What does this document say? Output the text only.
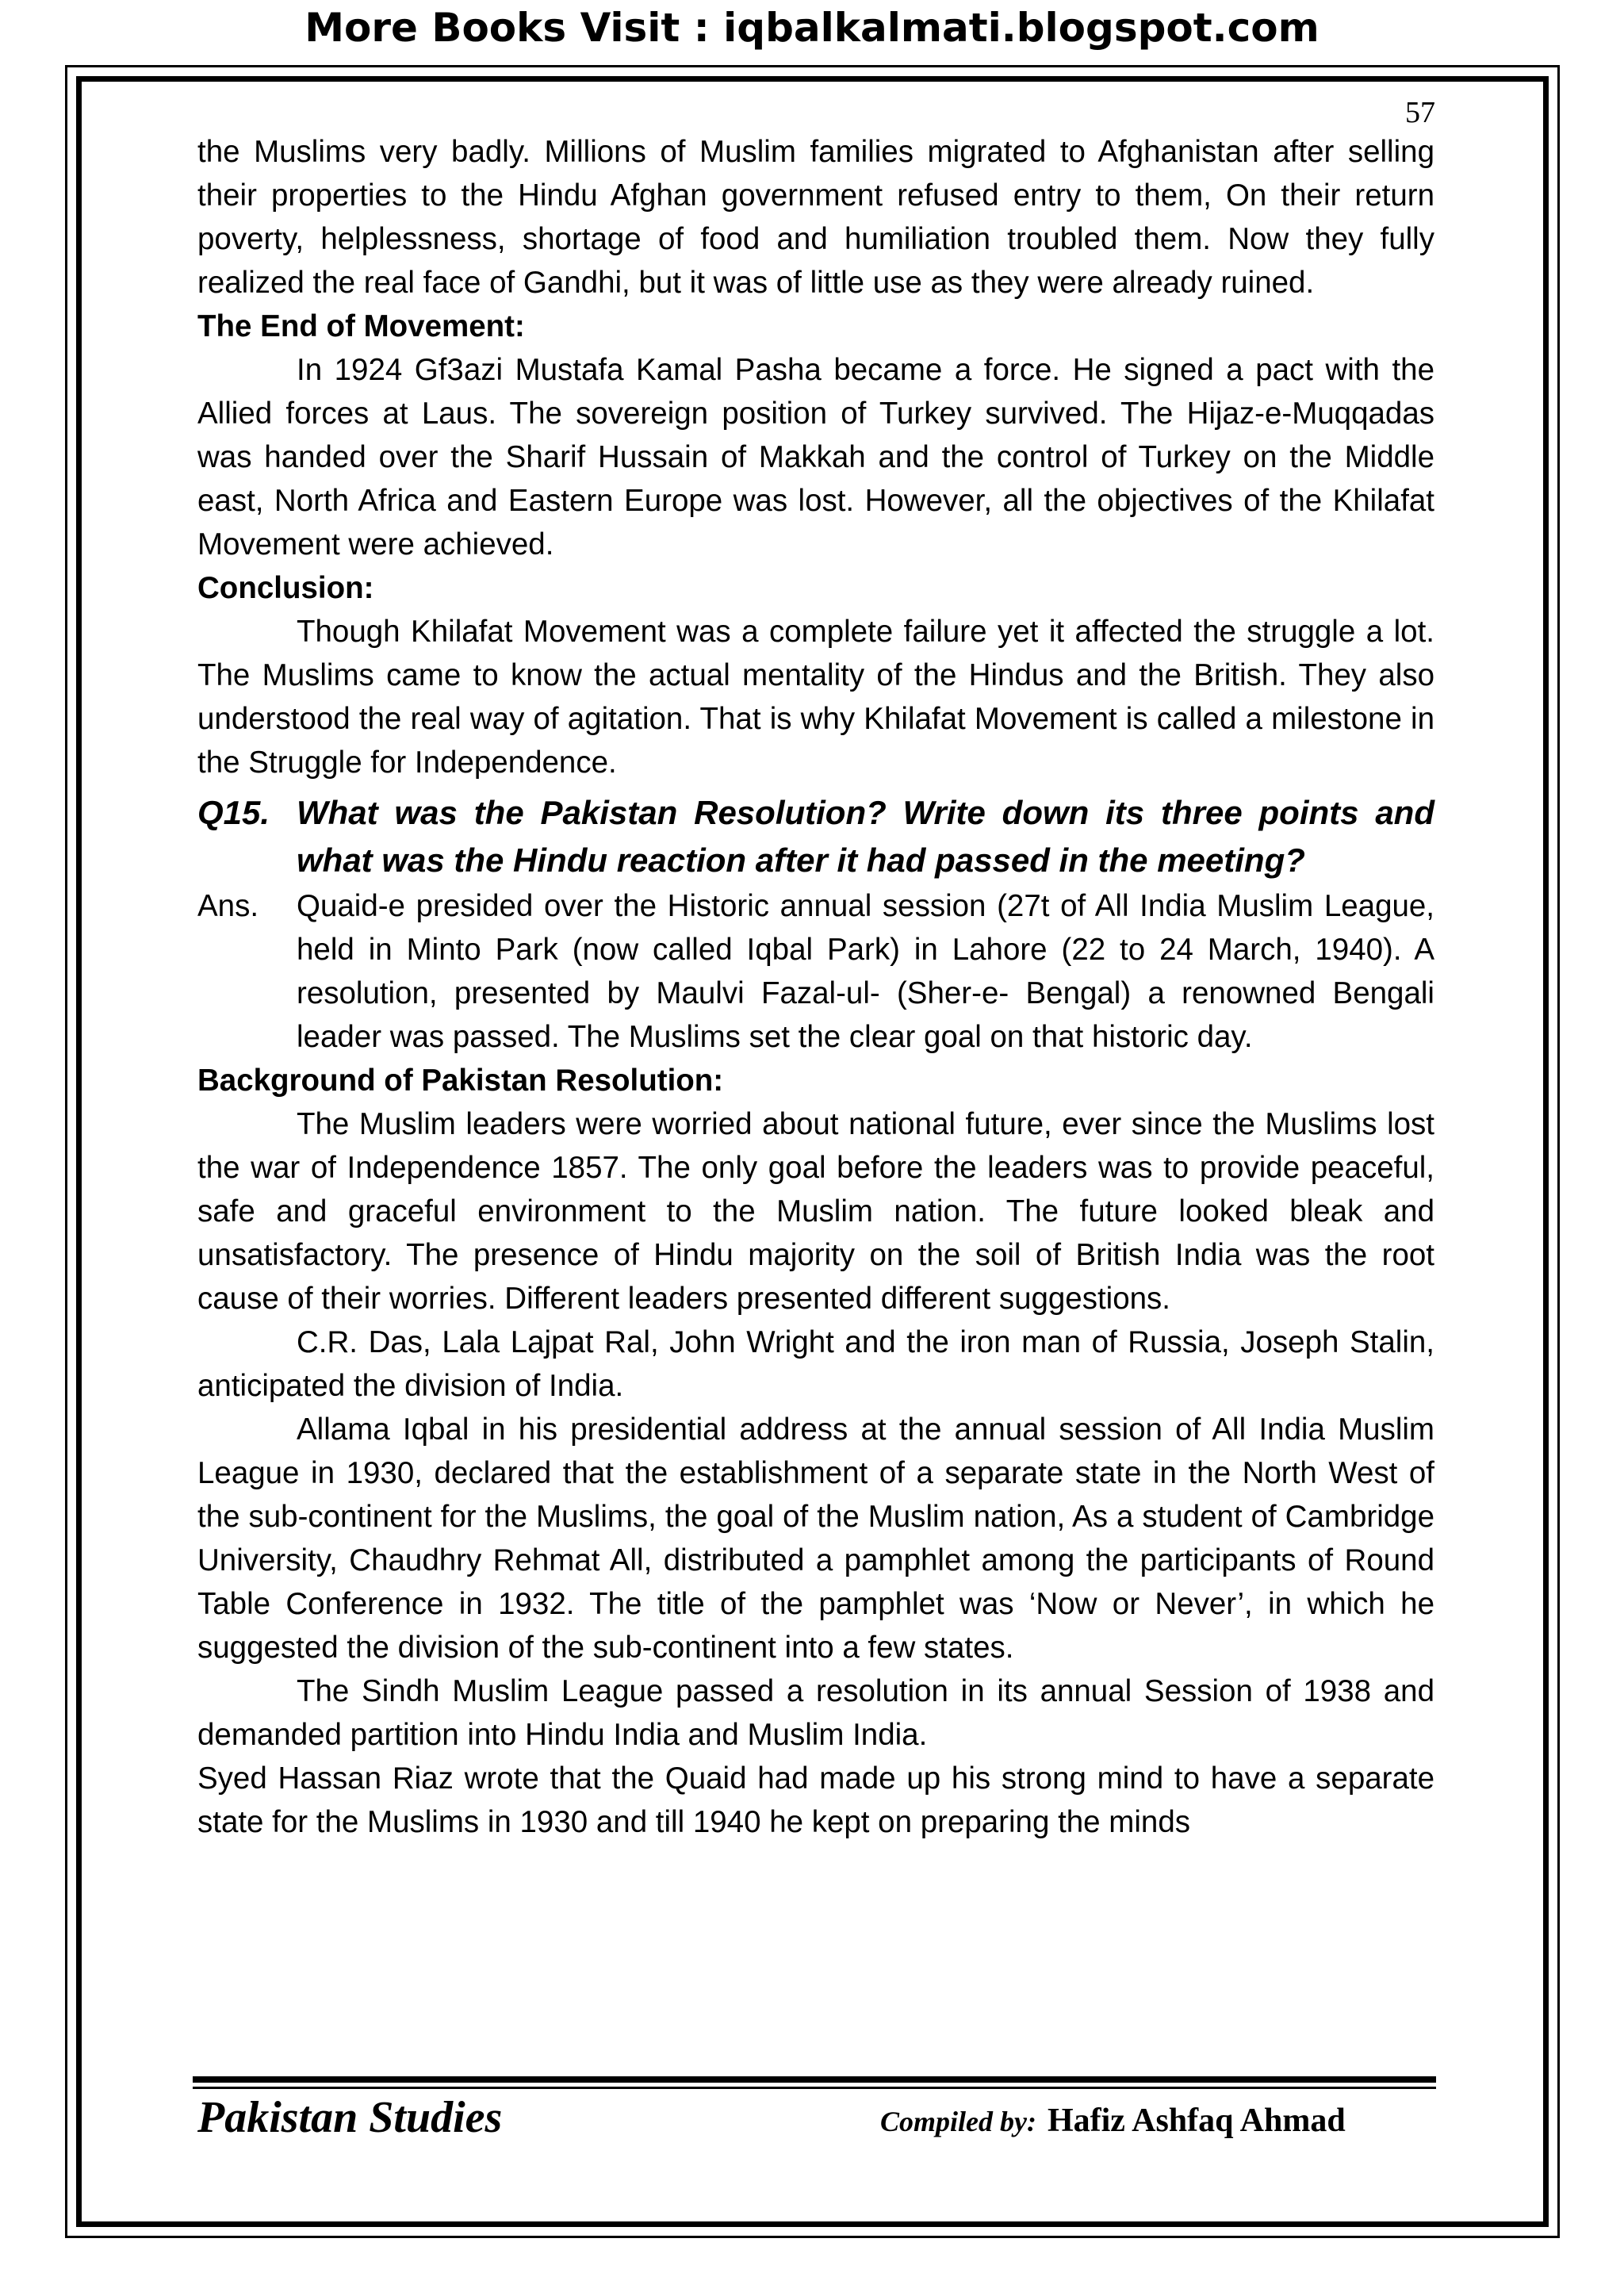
More Books Visit : iqbalkalmati.blogspot.com
57

the Muslims very badly. Millions of Muslim families migrated to Afghanistan after selling their properties to the Hindu Afghan government refused entry to them, On their return poverty, helplessness, shortage of food and humiliation troubled them. Now they fully realized the real face of Gandhi, but it was of little use as they were already ruined.

The End of Movement:

In 1924 Gf3azi Mustafa Kamal Pasha became a force. He signed a pact with the Allied forces at Laus. The sovereign position of Turkey survived. The Hijaz-e-Muqqadas was handed over the Sharif Hussain of Makkah and the control of Turkey on the Middle east, North Africa and Eastern Europe was lost. However, all the objectives of the Khilafat Movement were achieved.

Conclusion:

Though Khilafat Movement was a complete failure yet it affected the struggle a lot. The Muslims came to know the actual mentality of the Hindus and the British. They also understood the real way of agitation. That is why Khilafat Movement is called a milestone in the Struggle for Independence.

Q15. What was the Pakistan Resolution? Write down its three points and what was the Hindu reaction after it had passed in the meeting?
Ans.	Quaid-e presided over the Historic annual session (27t of All India Muslim League, held in Minto Park (now called Iqbal Park) in Lahore (22 to 24 March, 1940). A resolution, presented by Maulvi Fazal-ul- (Sher-e- Bengal) a renowned Bengali leader was passed. The Muslims set the clear goal on that historic day.

Background of Pakistan Resolution:

The Muslim leaders were worried about national future, ever since the Muslims lost the war of Independence 1857. The only goal before the leaders was to provide peaceful, safe and graceful environment to the Muslim nation. The future looked bleak and unsatisfactory. The presence of Hindu majority on the soil of British India was the root cause of their worries. Different leaders presented different suggestions.

C.R. Das, Lala Lajpat Ral, John Wright and the iron man of Russia, Joseph Stalin, anticipated the division of India.

Allama Iqbal in his presidential address at the annual session of All India Muslim League in 1930, declared that the establishment of a separate state in the North West of the sub-continent for the Muslims, the goal of the Muslim nation, As a student of Cambridge University, Chaudhry Rehmat All, distributed a pamphlet among the participants of Round Table Conference in 1932. The title of the pamphlet was ‘Now or Never’, in which he suggested the division of the sub-continent into a few states.

The Sindh Muslim League passed a resolution in its annual Session of 1938 and demanded partition into Hindu India and Muslim India.

Syed Hassan Riaz wrote that the Quaid had made up his strong mind to have a separate state for the Muslims in 1930 and till 1940 he kept on preparing the minds

Pakistan Studies	Compiled by: Hafiz Ashfaq Ahmad
